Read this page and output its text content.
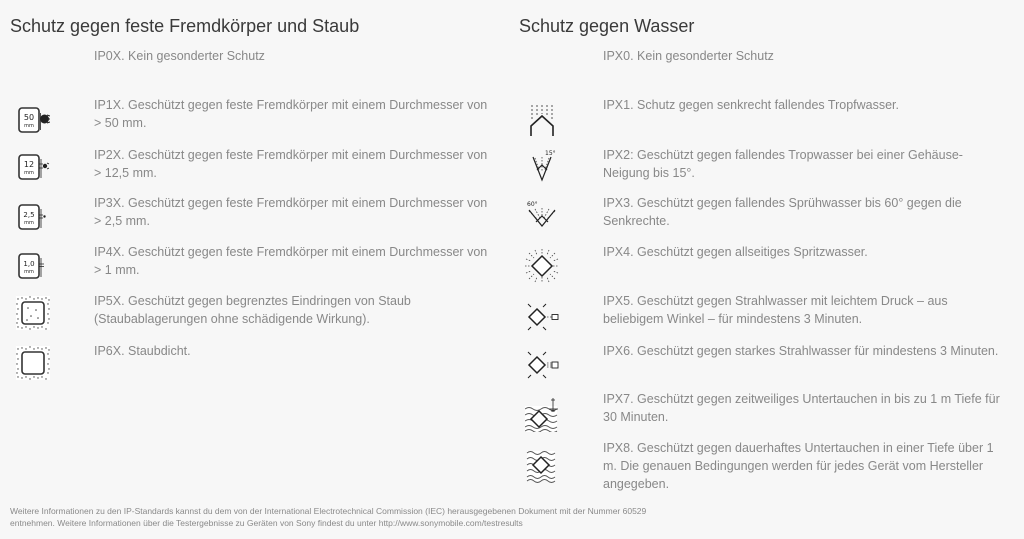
Schutz gegen feste Fremdkörper und Staub
IP0X. Kein gesonderter Schutz
50
mm
IP1X. Geschützt gegen feste Fremdkörper mit einem Durchmesser von > 50 mm.
12
mm
IP2X. Geschützt gegen feste Fremdkörper mit einem Durchmesser von > 12,5 mm.
2,5
mm
IP3X. Geschützt gegen feste Fremdkörper mit einem Durchmesser von > 2,5 mm.
1,0
mm
IP4X. Geschützt gegen feste Fremdkörper mit einem Durchmesser von > 1 mm.
IP5X. Geschützt gegen begrenztes Eindringen von Staub (Staubablagerungen ohne schädigende Wirkung).
IP6X. Staubdicht.
Schutz gegen Wasser
IPX0. Kein gesonderter Schutz
IPX1. Schutz gegen senkrecht fallendes Tropfwasser.
15°	IPX2: Geschützt gegen fallendes Tropwasser bei einer Gehäuse-Neigung bis 15°.
60°	IPX3. Geschützt gegen fallendes Sprühwasser bis 60° gegen die Senkrechte.
IPX4. Geschützt gegen allseitiges Spritzwasser.
IPX5. Geschützt gegen Strahlwasser mit leichtem Druck – aus beliebigem Winkel – für mindestens 3 Minuten.
IPX6. Geschützt gegen starkes Strahlwasser für mindestens 3 Minuten.
IPX7. Geschützt gegen zeitweiliges Untertauchen in bis zu 1 m Tiefe für 30 Minuten.
IPX8. Geschützt gegen dauerhaftes Untertauchen in einer Tiefe über 1 m. Die genauen Bedingungen werden für jedes Gerät vom Hersteller angegeben.
Weitere Informationen zu den IP-Standards kannst du dem von der International Electrotechnical Commission (IEC) herausgegebenen Dokument mit der Nummer 60529 entnehmen. Weitere Informationen über die Testergebnisse zu Geräten von Sony findest du unter http://www.sonymobile.com/testresults
